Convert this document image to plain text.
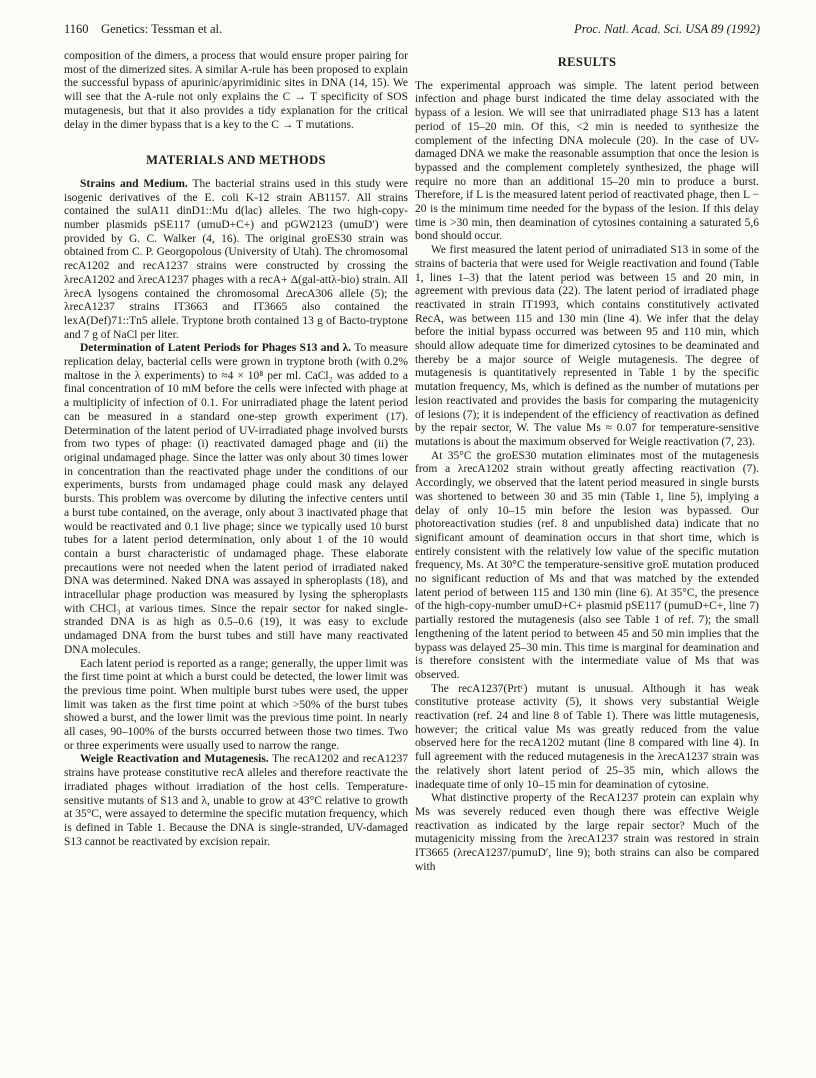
1160 Genetics: Tessman et al.	Proc. Natl. Acad. Sci. USA 89 (1992)

composition of the dimers, a process that would ensure proper pairing for most of the dimerized sites. A similar A-rule has been proposed to explain the successful bypass of apurinic/apyrimidinic sites in DNA (14, 15). We will see that the A-rule not only explains the C → T specificity of SOS mutagenesis, but that it also provides a tidy explanation for the critical delay in the dimer bypass that is a key to the C → T mutations.

MATERIALS AND METHODS

Strains and Medium. The bacterial strains used in this study were isogenic derivatives of the E. coli K-12 strain AB1157. All strains contained the sulA11 dinD1::Mu d(lac) alleles. The two high-copy-number plasmids pSE117 (umuD+C+) and pGW2123 (umuD′) were provided by G. C. Walker (4, 16). The original groES30 strain was obtained from C. P. Georgopolous (University of Utah). The chromosomal recA1202 and recA1237 strains were constructed by crossing the λrecA1202 and λrecA1237 phages with a recA+ Δ(gal-attλ-bio) strain. All λrecA lysogens contained the chromosomal ΔrecA306 allele (5); the λrecA1237 strains IT3663 and IT3665 also contained the lexA(Def)71::Tn5 allele. Tryptone broth contained 13 g of Bacto-tryptone and 7 g of NaCl per liter.

Determination of Latent Periods for Phages S13 and λ. To measure replication delay, bacterial cells were grown in tryptone broth (with 0.2% maltose in the λ experiments) to ≈4 × 10⁸ per ml. CaCl₂ was added to a final concentration of 10 mM before the cells were infected with phage at a multiplicity of infection of 0.1. For unirradiated phage the latent period can be measured in a standard one-step growth experiment (17). Determination of the latent period of UV-irradiated phage involved bursts from two types of phage: (i) reactivated damaged phage and (ii) the original undamaged phage. Since the latter was only about 30 times lower in concentration than the reactivated phage under the conditions of our experiments, bursts from undamaged phage could mask any delayed bursts. This problem was overcome by diluting the infective centers until a burst tube contained, on the average, only about 3 inactivated phage that would be reactivated and 0.1 live phage; since we typically used 10 burst tubes for a latent period determination, only about 1 of the 10 would contain a burst characteristic of undamaged phage. These elaborate precautions were not needed when the latent period of irradiated naked DNA was determined. Naked DNA was assayed in spheroplasts (18), and intracellular phage production was measured by lysing the spheroplasts with CHCl₃ at various times. Since the repair sector for naked single-stranded DNA is as high as 0.5–0.6 (19), it was easy to exclude undamaged DNA from the burst tubes and still have many reactivated DNA molecules.

Each latent period is reported as a range; generally, the upper limit was the first time point at which a burst could be detected, the lower limit was the previous time point. When multiple burst tubes were used, the upper limit was taken as the first time point at which >50% of the burst tubes showed a burst, and the lower limit was the previous time point. In nearly all cases, 90–100% of the bursts occurred between those two times. Two or three experiments were usually used to narrow the range.

Weigle Reactivation and Mutagenesis. The recA1202 and recA1237 strains have protease constitutive recA alleles and therefore reactivate the irradiated phages without irradiation of the host cells. Temperature-sensitive mutants of S13 and λ, unable to grow at 43°C relative to growth at 35°C, were assayed to determine the specific mutation frequency, which is defined in Table 1. Because the DNA is single-stranded, UV-damaged S13 cannot be reactivated by excision repair.

RESULTS

The experimental approach was simple. The latent period between infection and phage burst indicated the time delay associated with the bypass of a lesion. We will see that unirradiated phage S13 has a latent period of 15–20 min. Of this, <2 min is needed to synthesize the complement of the infecting DNA molecule (20). In the case of UV-damaged DNA we make the reasonable assumption that once the lesion is bypassed and the complement completely synthesized, the phage will require no more than an additional 15–20 min to produce a burst. Therefore, if L is the measured latent period of reactivated phage, then L − 20 is the minimum time needed for the bypass of the lesion. If this delay time is >30 min, then deamination of cytosines containing a saturated 5,6 bond should occur.

We first measured the latent period of unirradiated S13 in some of the strains of bacteria that were used for Weigle reactivation and found (Table 1, lines 1–3) that the latent period was between 15 and 20 min, in agreement with previous data (22). The latent period of irradiated phage reactivated in strain IT1993, which contains constitutively activated RecA, was between 115 and 130 min (line 4). We infer that the delay before the initial bypass occurred was between 95 and 110 min, which should allow adequate time for dimerized cytosines to be deaminated and thereby be a major source of Weigle mutagenesis. The degree of mutagenesis is quantitatively represented in Table 1 by the specific mutation frequency, Ms, which is defined as the number of mutations per lesion reactivated and provides the basis for comparing the mutagenicity of lesions (7); it is independent of the efficiency of reactivation as defined by the repair sector, W. The value Ms ≈ 0.07 for temperature-sensitive mutations is about the maximum observed for Weigle reactivation (7, 23).

At 35°C the groES30 mutation eliminates most of the mutagenesis from a λrecA1202 strain without greatly affecting reactivation (7). Accordingly, we observed that the latent period measured in single bursts was shortened to between 30 and 35 min (Table 1, line 5), implying a delay of only 10–15 min before the lesion was bypassed. Our photoreactivation studies (ref. 8 and unpublished data) indicate that no significant amount of deamination occurs in that short time, which is entirely consistent with the relatively low value of the specific mutation frequency, Ms. At 30°C the temperature-sensitive groE mutation produced no significant reduction of Ms and that was matched by the extended latent period of between 115 and 130 min (line 6). At 35°C, the presence of the high-copy-number umuD+C+ plasmid pSE117 (pumuD+C+, line 7) partially restored the mutagenesis (also see Table 1 of ref. 7); the small lengthening of the latent period to between 45 and 50 min implies that the bypass was delayed 25–30 min. This time is marginal for deamination and is therefore consistent with the intermediate value of Ms that was observed.

The recA1237(Prtᶜ) mutant is unusual. Although it has weak constitutive protease activity (5), it shows very substantial Weigle reactivation (ref. 24 and line 8 of Table 1). There was little mutagenesis, however; the critical value Ms was greatly reduced from the value observed here for the recA1202 mutant (line 8 compared with line 4). In full agreement with the reduced mutagenesis in the λrecA1237 strain was the relatively short latent period of 25–35 min, which allows the inadequate time of only 10–15 min for deamination of cytosine.

What distinctive property of the RecA1237 protein can explain why Ms was severely reduced even though there was effective Weigle reactivation as indicated by the large repair sector? Much of the mutagenicity missing from the λrecA1237 strain was restored in strain IT3665 (λrecA1237/pumuD′, line 9); both strains can also be compared with
